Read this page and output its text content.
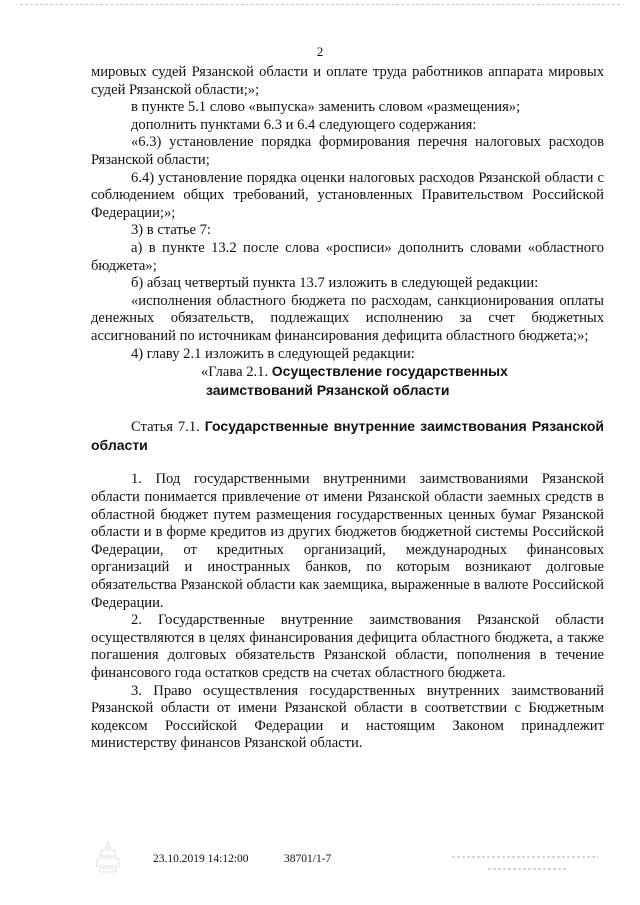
2

мировых судей Рязанской области и оплате труда работников аппарата мировых судей Рязанской области;»;

в пункте 5.1 слово «выпуска» заменить словом «размещения»;

дополнить пунктами 6.3 и 6.4 следующего содержания:

«6.3) установление порядка формирования перечня налоговых расходов Рязанской области;

6.4) установление порядка оценки налоговых расходов Рязанской области с соблюдением общих требований, установленных Правительством Российской Федерации;»;

3) в статье 7:

а) в пункте 13.2 после слова «росписи» дополнить словами «областного бюджета»;

б) абзац четвертый пункта 13.7 изложить в следующей редакции:

«исполнения областного бюджета по расходам, санкционирования оплаты денежных обязательств, подлежащих исполнению за счет бюджетных ассигнований по источникам финансирования дефицита областного бюджета;»;

4) главу 2.1 изложить в следующей редакции:

«Глава 2.1. Осуществление государственных
заимствований Рязанской области

Статья 7.1. Государственные внутренние заимствования Рязанской области

1. Под государственными внутренними заимствованиями Рязанской области понимается привлечение от имени Рязанской области заемных средств в областной бюджет путем размещения государственных ценных бумаг Рязанской области и в форме кредитов из других бюджетов бюджетной системы Российской Федерации, от кредитных организаций, международных финансовых организаций и иностранных банков, по которым возникают долговые обязательства Рязанской области как заемщика, выраженные в валюте Российской Федерации.

2. Государственные внутренние заимствования Рязанской области осуществляются в целях финансирования дефицита областного бюджета, а также погашения долговых обязательств Рязанской области, пополнения в течение финансового года остатков средств на счетах областного бюджета.

3. Право осуществления государственных внутренних заимствований Рязанской области от имени Рязанской области в соответствии с Бюджетным кодексом Российской Федерации и настоящим Законом принадлежит министерству финансов Рязанской области.

23.10.2019 14:12:00	38701/1-7
